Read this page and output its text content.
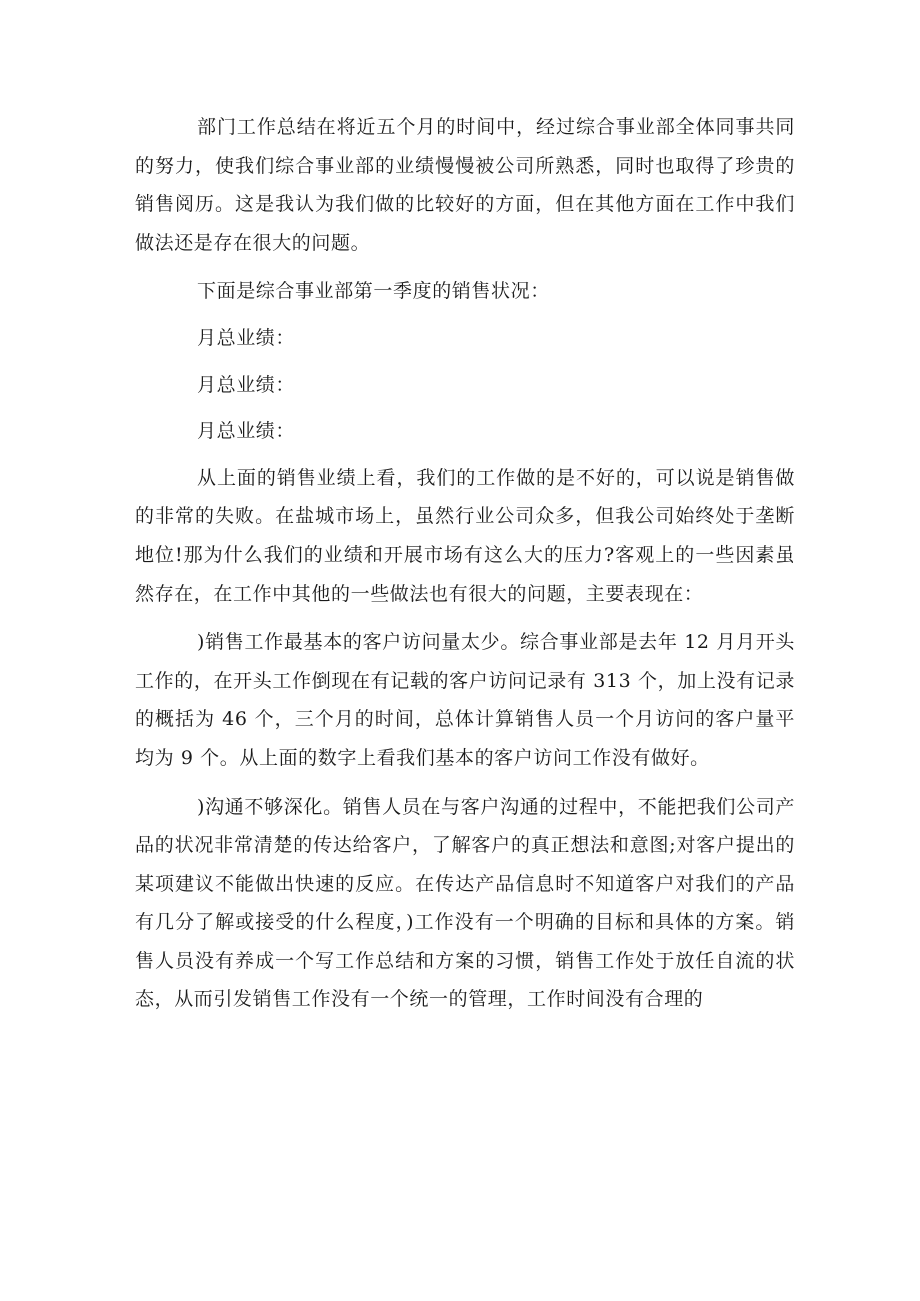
部门工作总结在将近五个月的时间中，经过综合事业部全体同事共同的努力，使我们综合事业部的业绩慢慢被公司所熟悉，同时也取得了珍贵的销售阅历。这是我认为我们做的比较好的方面，但在其他方面在工作中我们做法还是存在很大的问题。

下面是综合事业部第一季度的销售状况：

月总业绩：

月总业绩：

月总业绩：

从上面的销售业绩上看，我们的工作做的是不好的，可以说是销售做的非常的失败。在盐城市场上，虽然行业公司众多，但我公司始终处于垄断地位!那为什么我们的业绩和开展市场有这么大的压力?客观上的一些因素虽然存在，在工作中其他的一些做法也有很大的问题，主要表现在：

)销售工作最基本的客户访问量太少。综合事业部是去年 12 月月开头工作的，在开头工作倒现在有记载的客户访问记录有 313 个，加上没有记录的概括为 46 个，三个月的时间，总体计算销售人员一个月访问的客户量平均为 9 个。从上面的数字上看我们基本的客户访问工作没有做好。

)沟通不够深化。销售人员在与客户沟通的过程中，不能把我们公司产品的状况非常清楚的传达给客户，了解客户的真正想法和意图;对客户提出的某项建议不能做出快速的反应。在传达产品信息时不知道客户对我们的产品有几分了解或接受的什么程度，)工作没有一个明确的目标和具体的方案。销售人员没有养成一个写工作总结和方案的习惯，销售工作处于放任自流的状态，从而引发销售工作没有一个统一的管理，工作时间没有合理的
